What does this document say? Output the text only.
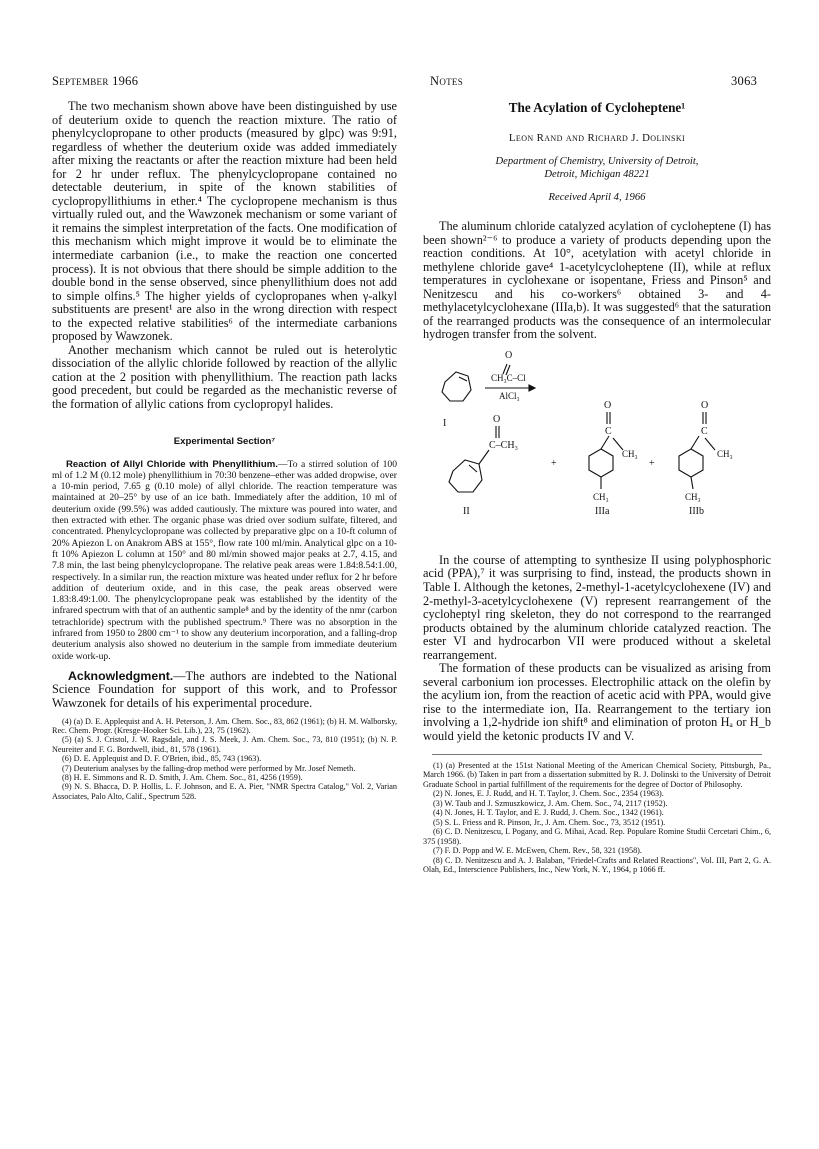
September 1966	Notes	3063

The two mechanism shown above have been distinguished by use of deuterium oxide to quench the reaction mixture. The ratio of phenylcyclopropane to other products (measured by glpc) was 9:91, regardless of whether the deuterium oxide was added immediately after mixing the reactants or after the reaction mixture had been held for 2 hr under reflux. The phenylcyclopropane contained no detectable deuterium, in spite of the known stabilities of cyclopropyllithiums in ether.⁴ The cyclopropene mechanism is thus virtually ruled out, and the Wawzonek mechanism or some variant of it remains the simplest interpretation of the facts. One modification of this mechanism which might improve it would be to eliminate the intermediate carbanion (i.e., to make the reaction one concerted process). It is not obvious that there should be simple addition to the double bond in the sense observed, since phenyllithium does not add to simple olfins.⁵ The higher yields of cyclopropanes when γ-alkyl substituents are present¹ are also in the wrong direction with respect to the expected relative stabilities⁶ of the intermediate carbanions proposed by Wawzonek.

Another mechanism which cannot be ruled out is heterolytic dissociation of the allylic chloride followed by reaction of the allylic cation at the 2 position with phenyllithium. The reaction path lacks good precedent, but could be regarded as the mechanistic reverse of the formation of allylic cations from cyclopropyl halides.

Experimental Section⁷

Reaction of Allyl Chloride with Phenyllithium.—To a stirred solution of 100 ml of 1.2 M (0.12 mole) phenyllithium in 70:30 benzene–ether was added dropwise, over a 10-min period, 7.65 g (0.10 mole) of allyl chloride. The reaction temperature was maintained at 20–25° by use of an ice bath. Immediately after the addition, 10 ml of deuterium oxide (99.5%) was added cautiously. The mixture was poured into water, and then extracted with ether. The organic phase was dried over sodium sulfate, filtered, and concentrated. Phenylcyclopropane was collected by preparative glpc on a 10-ft column of 20% Apiezon L on Anakrom ABS at 155°, flow rate 100 ml/min. Analytical glpc on a 10-ft 10% Apiezon L column at 150° and 80 ml/min showed major peaks at 2.7, 4.15, and 7.8 min, the last being phenylcyclopropane. The relative peak areas were 1.84:8.54:1.00, respectively. In a similar run, the reaction mixture was heated under reflux for 2 hr before addition of deuterium oxide, and in this case, the peak areas observed were 1.83:8.49:1.00. The phenylcyclopropane peak was established by the identity of the infrared spectrum with that of an authentic sample⁸ and by the identity of the nmr (carbon tetrachloride) spectrum with the published spectrum.⁹ There was no absorption in the infrared from 1950 to 2800 cm⁻¹ to show any deuterium incorporation, and a falling-drop deuterium analysis also showed no deuterium in the sample from immediate deuterium oxide work-up.

Acknowledgment.—The authors are indebted to the National Science Foundation for support of this work, and to Professor Wawzonek for details of his experimental procedure.

(4) (a) D. E. Applequist and A. H. Peterson, J. Am. Chem. Soc., 83, 862 (1961); (b) H. M. Walborsky, Rec. Chem. Progr. (Kresge-Hooker Sci. Lib.), 23, 75 (1962).
(5) (a) S. J. Cristol, J. W. Ragsdale, and J. S. Meek, J. Am. Chem. Soc., 73, 810 (1951); (b) N. P. Neureiter and F. G. Bordwell, ibid., 81, 578 (1961).
(6) D. E. Applequist and D. F. O'Brien, ibid., 85, 743 (1963).
(7) Deuterium analyses by the falling-drop method were performed by Mr. Josef Nemeth.
(8) H. E. Simmons and R. D. Smith, J. Am. Chem. Soc., 81, 4256 (1959).
(9) N. S. Bhacca, D. P. Hollis, L. F. Johnson, and E. A. Pier, "NMR Spectra Catalog," Vol. 2, Varian Associates, Palo Alto, Calif., Spectrum 528.
The Acylation of Cycloheptene¹
Leon Rand and Richard J. Dolinski
Department of Chemistry, University of Detroit,
Detroit, Michigan 48221
Received April 4, 1966

The aluminum chloride catalyzed acylation of cycloheptene (I) has been shown²⁻⁶ to produce a variety of products depending upon the reaction conditions. At 10°, acetylation with acetyl chloride in methylene chloride gave⁴ 1-acetylcycloheptene (II), while at reflux temperatures in cyclohexane or isopentane, Friess and Pinson⁵ and Nenitzescu and his co-workers⁶ obtained 3- and 4-methylacetylcyclohexane (IIIa,b). It was suggested⁶ that the saturation of the rearranged products was the consequence of an intermolecular hydrogen transfer from the solvent.

O
CH₃C–Cl
AlCl₃
I	O
C–CH₃
II
+
O
C
CH₃
CH₃
IIIa
+
O
C
CH₃
CH₃
IIIb

In the course of attempting to synthesize II using polyphosphoric acid (PPA),⁷ it was surprising to find, instead, the products shown in Table I. Although the ketones, 2-methyl-1-acetylcyclohexene (IV) and 2-methyl-3-acetylcyclohexene (V) represent rearrangement of the cycloheptyl ring skeleton, they do not correspond to the rearranged products obtained by the aluminum chloride catalyzed reaction. The ester VI and hydrocarbon VII were produced without a skeletal rearrangement.

The formation of these products can be visualized as arising from several carbonium ion processes. Electrophilic attack on the olefin by the acylium ion, from the reaction of acetic acid with PPA, would give rise to the intermediate ion, IIa. Rearrangement to the tertiary ion involving a 1,2-hydride ion shift⁸ and elimination of proton Hₐ or H_b would yield the ketonic products IV and V.

(1) (a) Presented at the 151st National Meeting of the American Chemical Society, Pittsburgh, Pa., March 1966. (b) Taken in part from a dissertation submitted by R. J. Dolinski to the University of Detroit Graduate School in partial fulfillment of the requirements for the degree of Doctor of Philosophy.
(2) N. Jones, E. J. Rudd, and H. T. Taylor, J. Chem. Soc., 2354 (1963).
(3) W. Taub and J. Szmuszkowicz, J. Am. Chem. Soc., 74, 2117 (1952).
(4) N. Jones, H. T. Taylor, and E. J. Rudd, J. Chem. Soc., 1342 (1961).
(5) S. L. Friess and R. Pinson, Jr., J. Am. Chem. Soc., 73, 3512 (1951).
(6) C. D. Nenitzescu, I. Pogany, and G. Mihai, Acad. Rep. Populare Romine Studii Cercetari Chim., 6, 375 (1958).
(7) F. D. Popp and W. E. McEwen, Chem. Rev., 58, 321 (1958).
(8) C. D. Nenitzescu and A. J. Balaban, "Friedel-Crafts and Related Reactions", Vol. III, Part 2, G. A. Olah, Ed., Interscience Publishers, Inc., New York, N. Y., 1964, p 1066 ff.
